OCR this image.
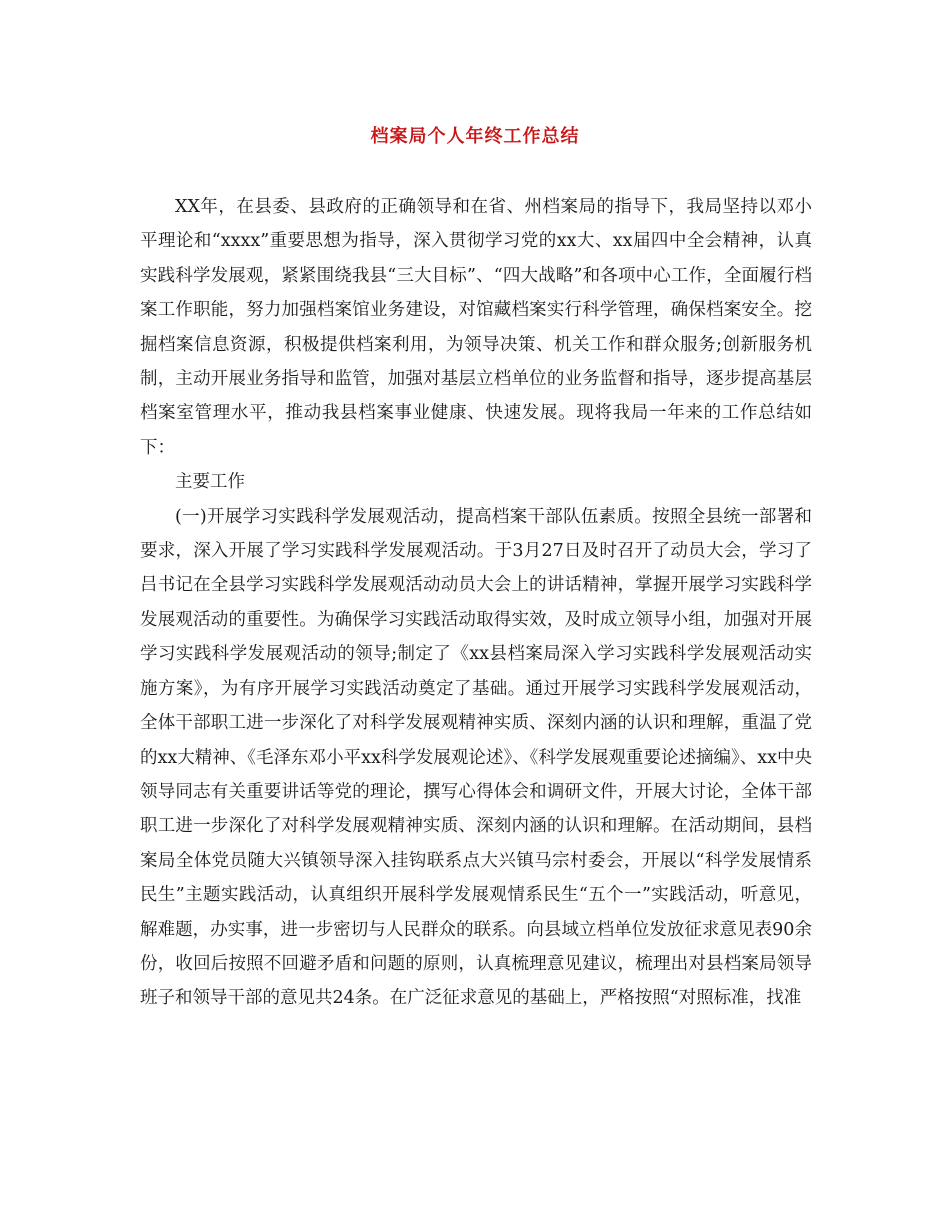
档案局个人年终工作总结

XX年，在县委、县政府的正确领导和在省、州档案局的指导下，我局坚持以邓小平理论和“xxxx”重要思想为指导，深入贯彻学习党的xx大、xx届四中全会精神，认真实践科学发展观，紧紧围绕我县“三大目标”、“四大战略”和各项中心工作，全面履行档案工作职能，努力加强档案馆业务建设，对馆藏档案实行科学管理，确保档案安全。挖掘档案信息资源，积极提供档案利用，为领导决策、机关工作和群众服务;创新服务机制，主动开展业务指导和监管，加强对基层立档单位的业务监督和指导，逐步提高基层档案室管理水平，推动我县档案事业健康、快速发展。现将我局一年来的工作总结如下：

主要工作

(一)开展学习实践科学发展观活动，提高档案干部队伍素质。按照全县统一部署和要求，深入开展了学习实践科学发展观活动。于3月27日及时召开了动员大会，学习了吕书记在全县学习实践科学发展观活动动员大会上的讲话精神，掌握开展学习实践科学发展观活动的重要性。为确保学习实践活动取得实效，及时成立领导小组，加强对开展学习实践科学发展观活动的领导;制定了《xx县档案局深入学习实践科学发展观活动实施方案》，为有序开展学习实践活动奠定了基础。通过开展学习实践科学发展观活动，全体干部职工进一步深化了对科学发展观精神实质、深刻内涵的认识和理解，重温了党的xx大精神、《毛泽东邓小平xx科学发展观论述》、《科学发展观重要论述摘编》、xx中央领导同志有关重要讲话等党的理论，撰写心得体会和调研文件，开展大讨论，全体干部职工进一步深化了对科学发展观精神实质、深刻内涵的认识和理解。在活动期间，县档案局全体党员随大兴镇领导深入挂钩联系点大兴镇马宗村委会，开展以“科学发展情系民生”主题实践活动，认真组织开展科学发展观情系民生“五个一”实践活动，听意见，解难题，办实事，进一步密切与人民群众的联系。向县域立档单位发放征求意见表90余份，收回后按照不回避矛盾和问题的原则，认真梳理意见建议，梳理出对县档案局领导班子和领导干部的意见共24条。在广泛征求意见的基础上，严格按照“对照标准，找准
